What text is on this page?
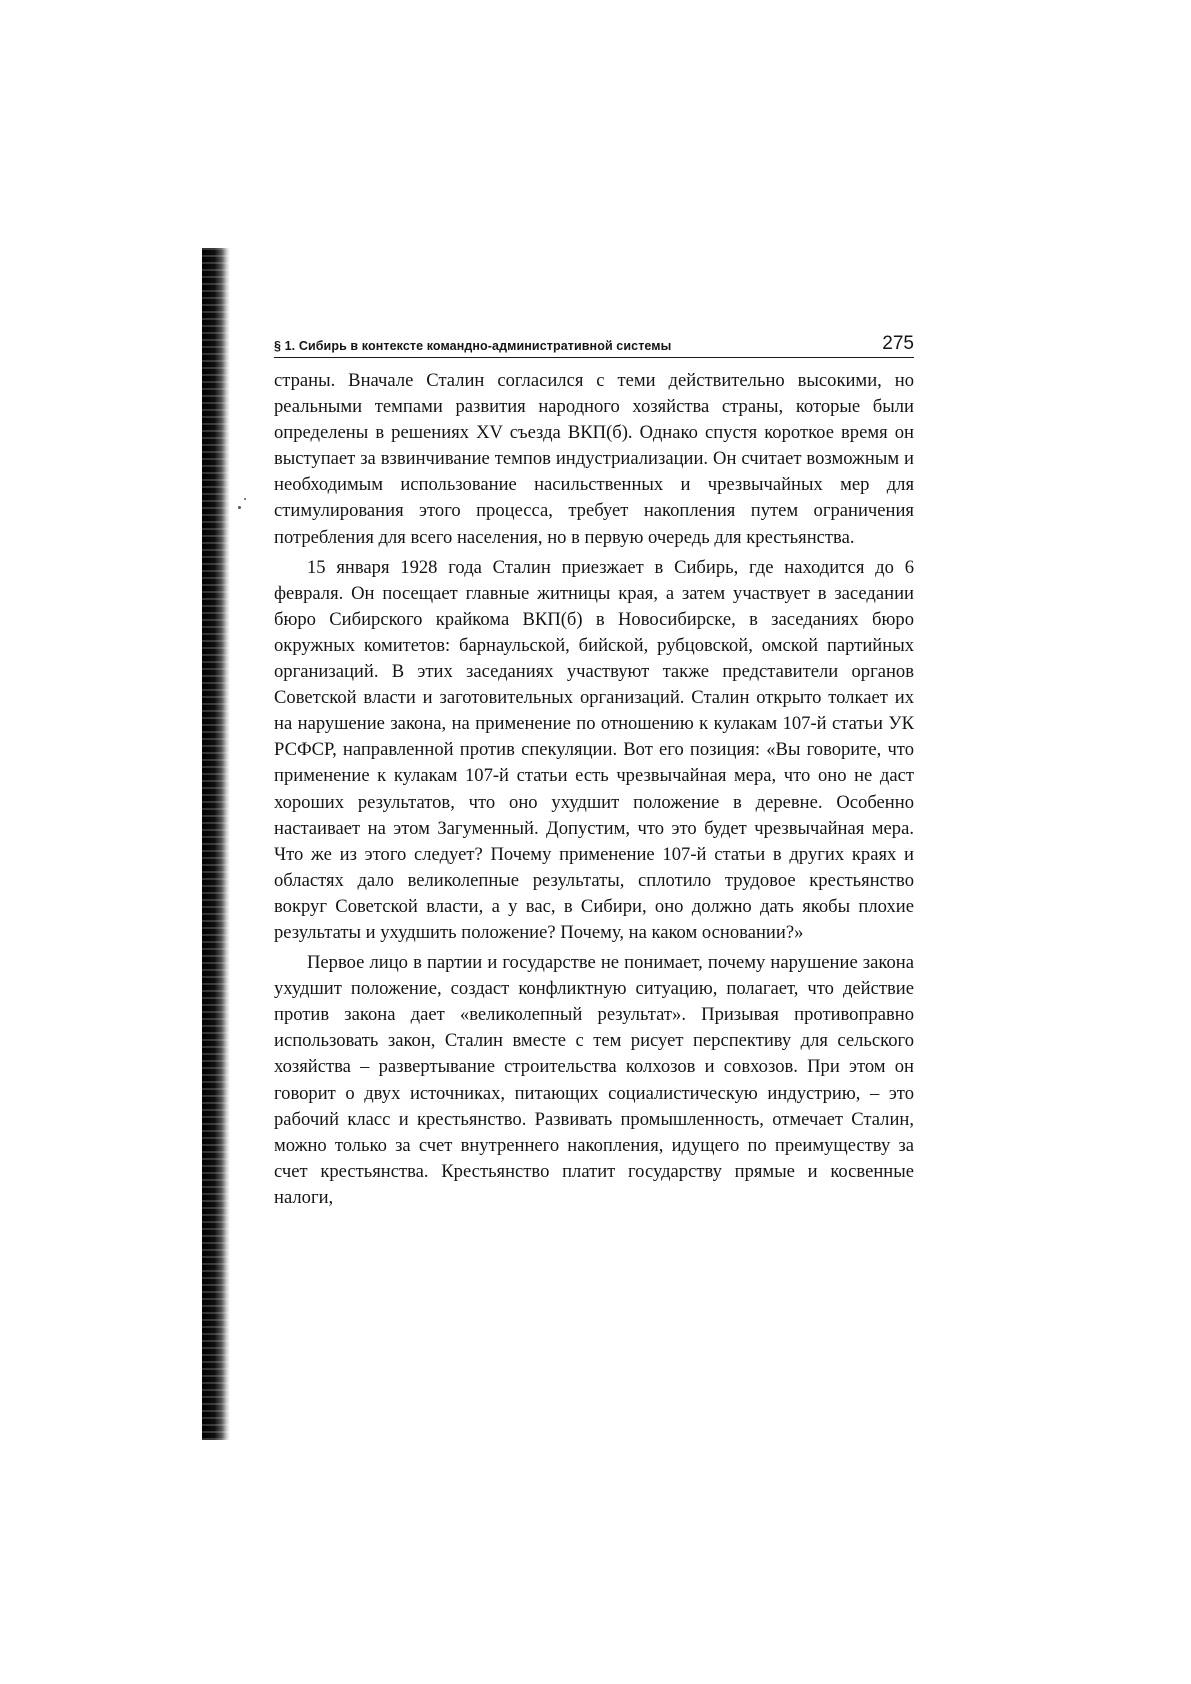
§ 1. Сибирь в контексте командно-административной системы	275

страны. Вначале Сталин согласился с теми действительно высокими, но реальными темпами развития народного хозяйства страны, которые были определены в решениях XV съезда ВКП(б). Однако спустя короткое время он выступает за взвинчивание темпов индустриализации. Он считает возможным и необходимым использование насильственных и чрезвычайных мер для стимулирования этого процесса, требует накопления путем ограничения потребления для всего населения, но в первую очередь для крестьянства.

15 января 1928 года Сталин приезжает в Сибирь, где находится до 6 февраля. Он посещает главные житницы края, а затем участвует в заседании бюро Сибирского крайкома ВКП(б) в Новосибирске, в заседаниях бюро окружных комитетов: барнаульской, бийской, рубцовской, омской партийных организаций. В этих заседаниях участвуют также представители органов Советской власти и заготовительных организаций. Сталин открыто толкает их на нарушение закона, на применение по отношению к кулакам 107-й статьи УК РСФСР, направленной против спекуляции. Вот его позиция: «Вы говорите, что применение к кулакам 107-й статьи есть чрезвычайная мера, что оно не даст хороших результатов, что оно ухудшит положение в деревне. Особенно настаивает на этом Загуменный. Допустим, что это будет чрезвычайная мера. Что же из этого следует? Почему применение 107-й статьи в других краях и областях дало великолепные результаты, сплотило трудовое крестьянство вокруг Советской власти, а у вас, в Сибири, оно должно дать якобы плохие результаты и ухудшить положение? Почему, на каком основании?»

Первое лицо в партии и государстве не понимает, почему нарушение закона ухудшит положение, создаст конфликтную ситуацию, полагает, что действие против закона дает «великолепный результат». Призывая противоправно использовать закон, Сталин вместе с тем рисует перспективу для сельского хозяйства – развертывание строительства колхозов и совхозов. При этом он говорит о двух источниках, питающих социалистическую индустрию, – это рабочий класс и крестьянство. Развивать промышленность, отмечает Сталин, можно только за счет внутреннего накопления, идущего по преимуществу за счет крестьянства. Крестьянство платит государству прямые и косвенные налоги,
